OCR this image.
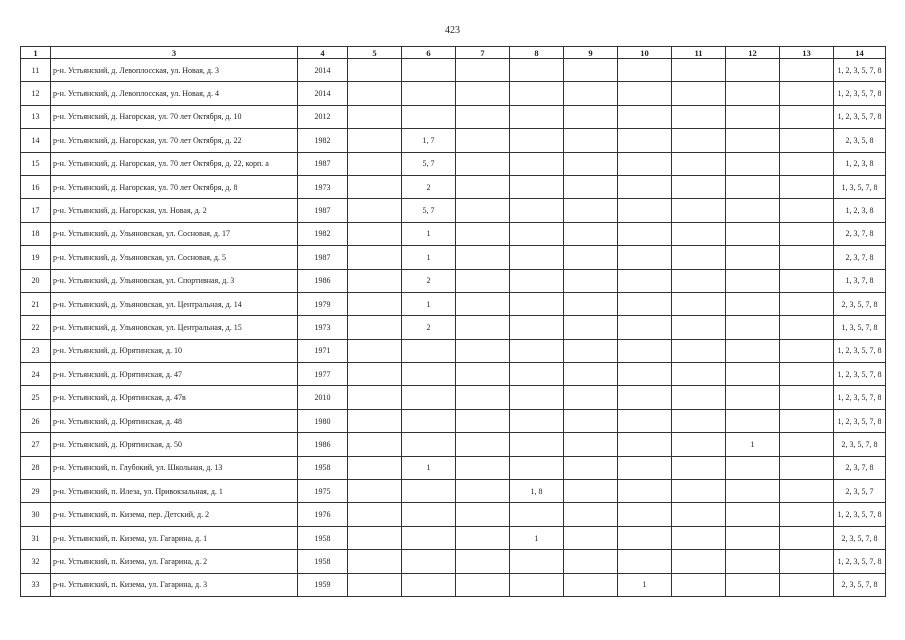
423
1	3	4	5	6	7	8	9	10	11	12	13	14
11	р-н. Устьянский, д. Левоплосская, ул. Новая, д. 3	2014										1, 2, 3, 5, 7, 8
12	р-н. Устьянский, д. Левоплосская, ул. Новая, д. 4	2014										1, 2, 3, 5, 7, 8
13	р-н. Устьянский, д. Нагорская, ул. 70 лет Октября, д. 10	2012										1, 2, 3, 5, 7, 8
14	р-н. Устьянский, д. Нагорская, ул. 70 лет Октября, д. 22	1982		1, 7								2, 3, 5, 8
15	р-н. Устьянский, д. Нагорская, ул. 70 лет Октября, д. 22, корп. а	1987		5, 7								1, 2, 3, 8
16	р-н. Устьянский, д. Нагорская, ул. 70 лет Октября, д. 8	1973		2								1, 3, 5, 7, 8
17	р-н. Устьянский, д. Нагорская, ул. Новая, д. 2	1987		5, 7								1, 2, 3, 8
18	р-н. Устьянский, д. Ульяновская, ул. Сосновая, д. 17	1982		1								2, 3, 7, 8
19	р-н. Устьянский, д. Ульяновская, ул. Сосновая, д. 5	1987		1								2, 3, 7, 8
20	р-н. Устьянский, д. Ульяновская, ул. Спортивная, д. 3	1986		2								1, 3, 7, 8
21	р-н. Устьянский, д. Ульяновская, ул. Центральная, д. 14	1979		1								2, 3, 5, 7, 8
22	р-н. Устьянский, д. Ульяновская, ул. Центральная, д. 15	1973		2								1, 3, 5, 7, 8
23	р-н. Устьянский, д. Юрятинская, д. 10	1971										1, 2, 3, 5, 7, 8
24	р-н. Устьянский, д. Юрятинская, д. 47	1977										1, 2, 3, 5, 7, 8
25	р-н. Устьянский, д. Юрятинская, д. 47в	2010										1, 2, 3, 5, 7, 8
26	р-н. Устьянский, д. Юрятинская, д. 48	1980										1, 2, 3, 5, 7, 8
27	р-н. Устьянский, д. Юрятинская, д. 50	1986								1		2, 3, 5, 7, 8
28	р-н. Устьянский, п. Глубокий, ул. Школьная, д. 13	1958		1								2, 3, 7, 8
29	р-н. Устьянский, п. Илеза, ул. Привокзальная, д. 1	1975				1, 8						2, 3, 5, 7
30	р-н. Устьянский, п. Кизема, пер. Детский, д. 2	1976										1, 2, 3, 5, 7, 8
31	р-н. Устьянский, п. Кизема, ул. Гагарина, д. 1	1958				1						2, 3, 5, 7, 8
32	р-н. Устьянский, п. Кизема, ул. Гагарина, д. 2	1958										1, 2, 3, 5, 7, 8
33	р-н. Устьянский, п. Кизема, ул. Гагарина, д. 3	1959						1				2, 3, 5, 7, 8
